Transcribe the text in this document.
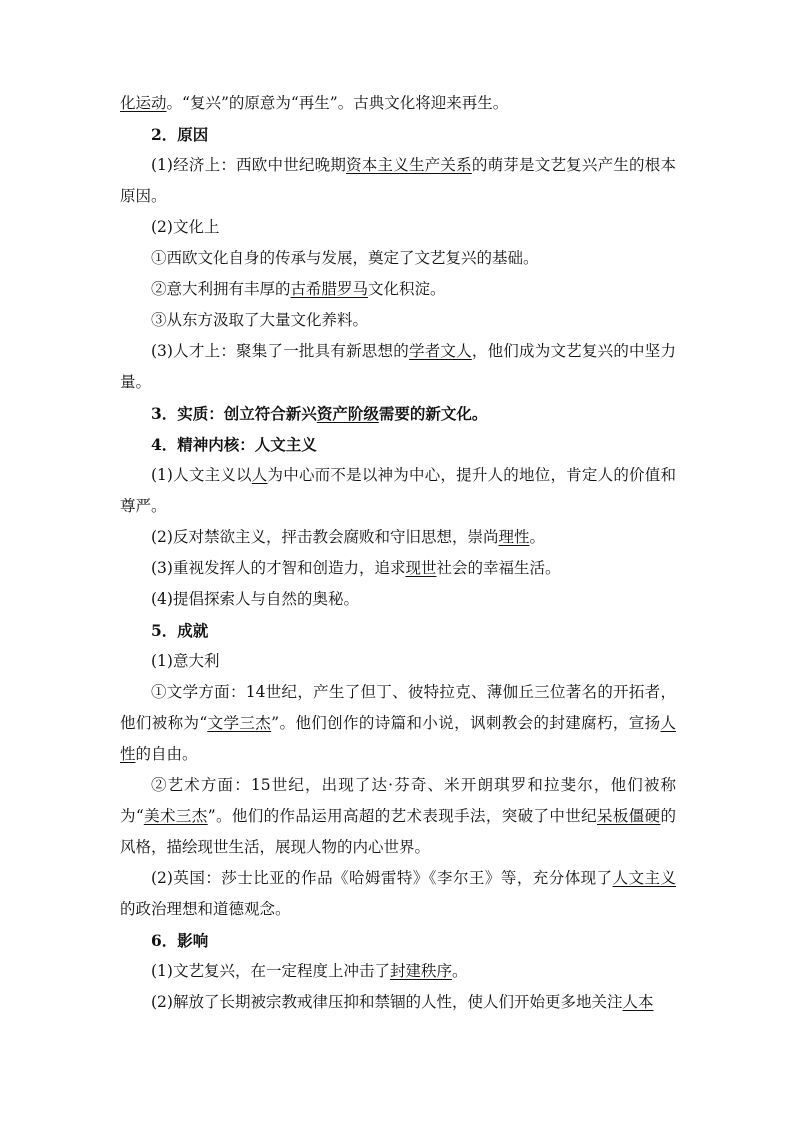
化运动。“复兴”的原意为“再生”。古典文化将迎来再生。

2．原因

(1)经济上：西欧中世纪晚期资本主义生产关系的萌芽是文艺复兴产生的根本原因。

(2)文化上

①西欧文化自身的传承与发展，奠定了文艺复兴的基础。

②意大利拥有丰厚的古希腊罗马文化积淀。

③从东方汲取了大量文化养料。

(3)人才上：聚集了一批具有新思想的学者文人，他们成为文艺复兴的中坚力量。

3．实质：创立符合新兴资产阶级需要的新文化。

4．精神内核：人文主义

(1)人文主义以人为中心而不是以神为中心，提升人的地位，肯定人的价值和尊严。

(2)反对禁欲主义，抨击教会腐败和守旧思想，崇尚理性。

(3)重视发挥人的才智和创造力，追求现世社会的幸福生活。

(4)提倡探索人与自然的奥秘。

5．成就

(1)意大利

①文学方面：14世纪，产生了但丁、彼特拉克、薄伽丘三位著名的开拓者，他们被称为“文学三杰”。他们创作的诗篇和小说，讽刺教会的封建腐朽，宣扬人性的自由。

②艺术方面：15世纪，出现了达·芬奇、米开朗琪罗和拉斐尔，他们被称为“美术三杰”。他们的作品运用高超的艺术表现手法，突破了中世纪呆板僵硬的风格，描绘现世生活，展现人物的内心世界。

(2)英国：莎士比亚的作品《哈姆雷特》《李尔王》等，充分体现了人文主义的政治理想和道德观念。

6．影响

(1)文艺复兴，在一定程度上冲击了封建秩序。

(2)解放了长期被宗教戒律压抑和禁锢的人性，使人们开始更多地关注人本
